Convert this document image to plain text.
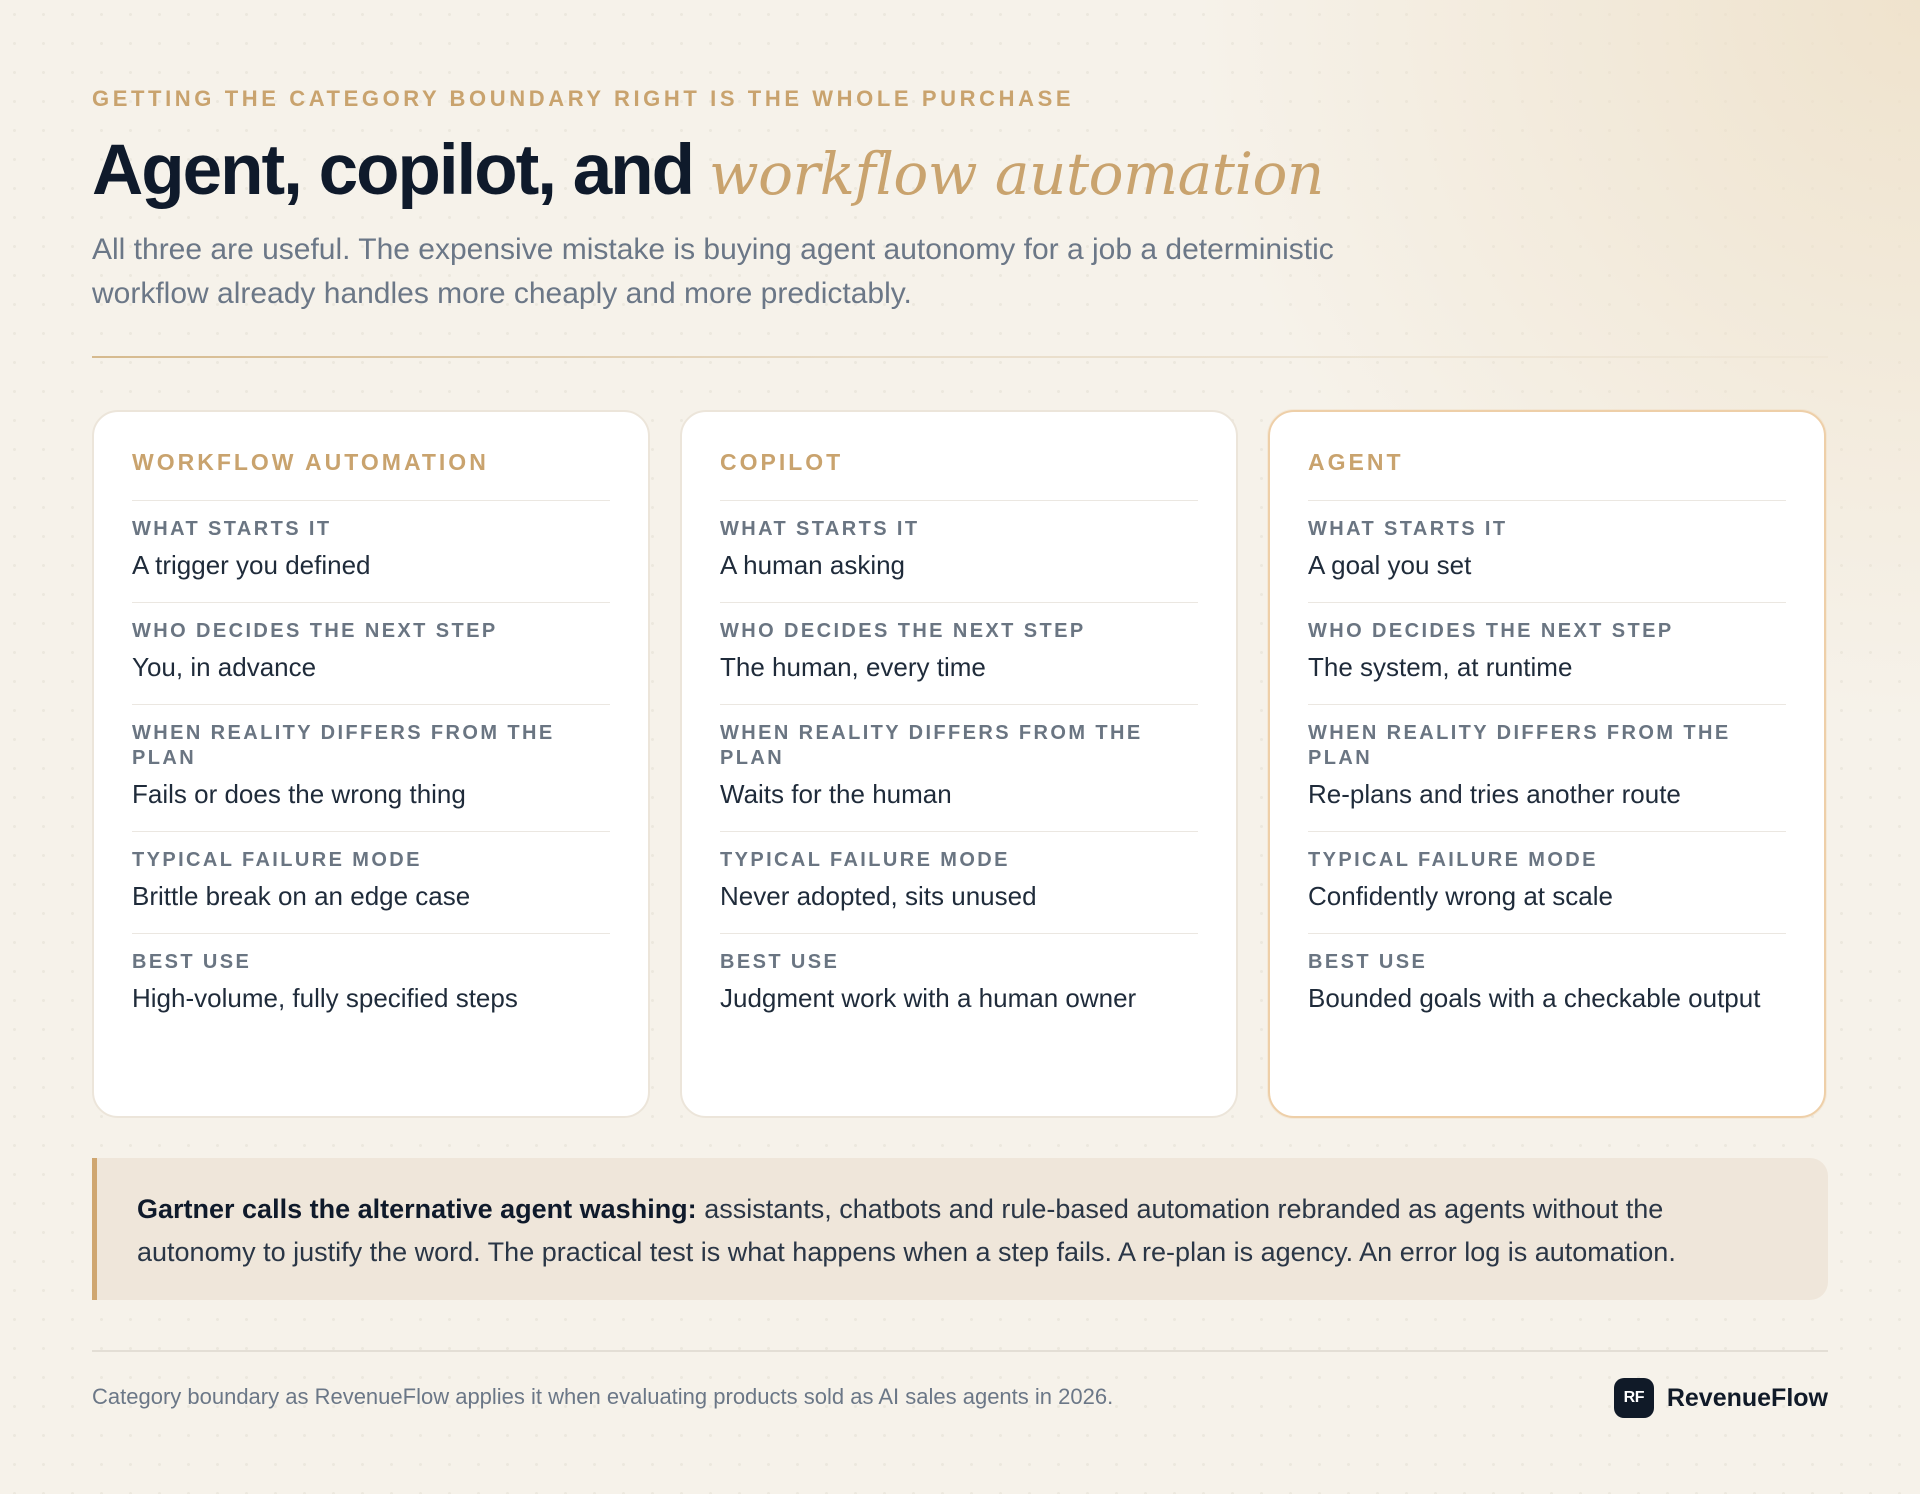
GETTING THE CATEGORY BOUNDARY RIGHT IS THE WHOLE PURCHASE
Agent, copilot, and workflow automation

All three are useful. The expensive mistake is buying agent autonomy for a job a deterministic workflow already handles more cheaply and more predictably.

WORKFLOW AUTOMATION
WHAT STARTS IT
A trigger you defined
WHO DECIDES THE NEXT STEP
You, in advance
WHEN REALITY DIFFERS FROM THE PLAN
Fails or does the wrong thing
TYPICAL FAILURE MODE
Brittle break on an edge case
BEST USE
High-volume, fully specified steps
COPILOT
WHAT STARTS IT
A human asking
WHO DECIDES THE NEXT STEP
The human, every time
WHEN REALITY DIFFERS FROM THE PLAN
Waits for the human
TYPICAL FAILURE MODE
Never adopted, sits unused
BEST USE
Judgment work with a human owner
AGENT
WHAT STARTS IT
A goal you set
WHO DECIDES THE NEXT STEP
The system, at runtime
WHEN REALITY DIFFERS FROM THE PLAN
Re-plans and tries another route
TYPICAL FAILURE MODE
Confidently wrong at scale
BEST USE
Bounded goals with a checkable output
Gartner calls the alternative agent washing: assistants, chatbots and rule-based automation rebranded as agents without the autonomy to justify the word. The practical test is what happens when a step fails. A re-plan is agency. An error log is automation.
Category boundary as RevenueFlow applies it when evaluating products sold as AI sales agents in 2026.	RF RevenueFlow
